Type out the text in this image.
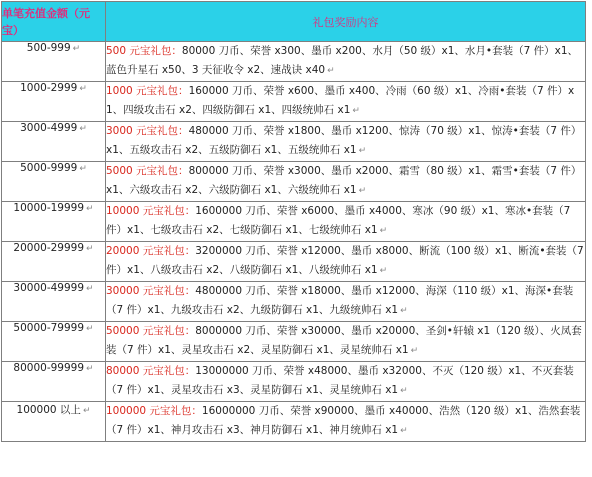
单笔充值金额（元宝）	礼包奖励内容
500-999 ↵	500 元宝礼包：80000 刀币、荣誉 x300、墨币 x200、水月（50 级）x1、水月•套装（7 件）x1、蓝色升星石 x50、3 天征收令 x2、速战诀 x40 ↵
1000-2999 ↵	1000 元宝礼包：160000 刀币、荣誉 x600、墨币 x400、冷雨（60 级）x1、冷雨•套装（7 件）x1、四级攻击石 x2、四级防御石 x1、四级统帅石 x1 ↵
3000-4999 ↵	3000 元宝礼包：480000 刀币、荣誉 x1800、墨币 x1200、惊涛（70 级）x1、惊涛•套装（7 件）x1、五级攻击石 x2、五级防御石 x1、五级统帅石 x1 ↵
5000-9999 ↵	5000 元宝礼包：800000 刀币、荣誉 x3000、墨币 x2000、霜雪（80 级）x1、霜雪•套装（7 件）x1、六级攻击石 x2、六级防御石 x1、六级统帅石 x1 ↵
10000-19999 ↵	10000 元宝礼包：1600000 刀币、荣誉 x6000、墨币 x4000、寒冰（90 级）x1、寒冰•套装（7 件）x1、七级攻击石 x2、七级防御石 x1、七级统帅石 x1 ↵
20000-29999 ↵	20000 元宝礼包：3200000 刀币、荣誉 x12000、墨币 x8000、断流（100 级）x1、断流•套装（7 件）x1、八级攻击石 x2、八级防御石 x1、八级统帅石 x1 ↵
30000-49999 ↵	30000 元宝礼包：4800000 刀币、荣誉 x18000、墨币 x12000、海深（110 级）x1、海深•套装（7 件）x1、九级攻击石 x2、九级防御石 x1、九级统帅石 x1 ↵
50000-79999 ↵	50000 元宝礼包：8000000 刀币、荣誉 x30000、墨币 x20000、圣剑•轩辕 x1（120 级）、火凤套装（7 件）x1、灵星攻击石 x2、灵星防御石 x1、灵星统帅石 x1 ↵
80000-99999 ↵	80000 元宝礼包：13000000 刀币、荣誉 x48000、墨币 x32000、不灭（120 级）x1、不灭套装（7 件）x1、灵星攻击石 x3、灵星防御石 x1、灵星统帅石 x1 ↵
100000 以上 ↵	100000 元宝礼包：16000000 刀币、荣誉 x90000、墨币 x40000、浩然（120 级）x1、浩然套装（7 件）x1、神月攻击石 x3、神月防御石 x1、神月统帅石 x1 ↵
